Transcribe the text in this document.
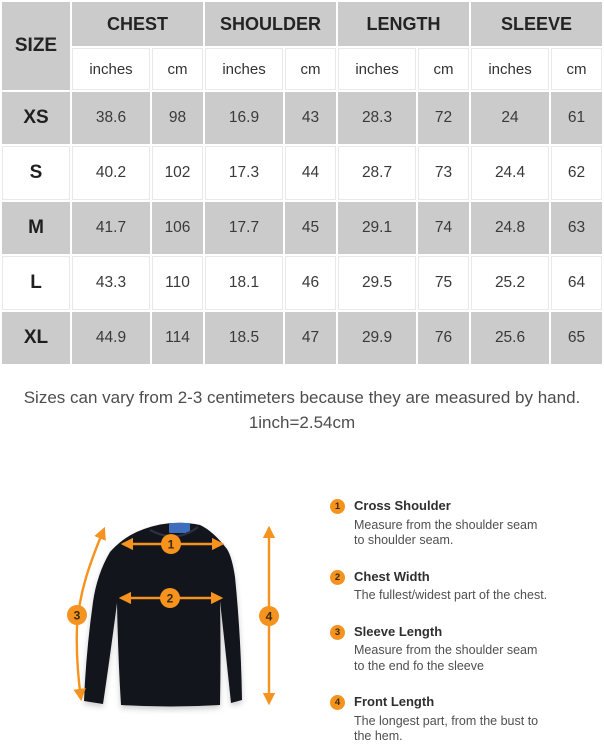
SIZE	CHEST		SHOULDER		LENGTH		SLEEVE	
	inches	cm	inches	cm	inches	cm	inches	cm
XS	38.6	98	16.9	43	28.3	72	24	61
S	40.2	102	17.3	44	28.7	73	24.4	62
M	41.7	106	17.7	45	29.1	74	24.8	63
L	43.3	110	18.1	46	29.5	75	25.2	64
XL	44.9	114	18.5	47	29.9	76	25.6	65
Sizes can vary from 2-3 centimeters because they are measured by hand.
1inch=2.54cm
1
2
3	4
1	Cross Shoulder
Measure from the shoulder seam
to shoulder seam.
2	Chest Width
The fullest/widest part of the chest.
3	Sleeve Length
Measure from the shoulder seam
to the end fo the sleeve
4	Front Length
The longest part, from the bust to
the hem.
